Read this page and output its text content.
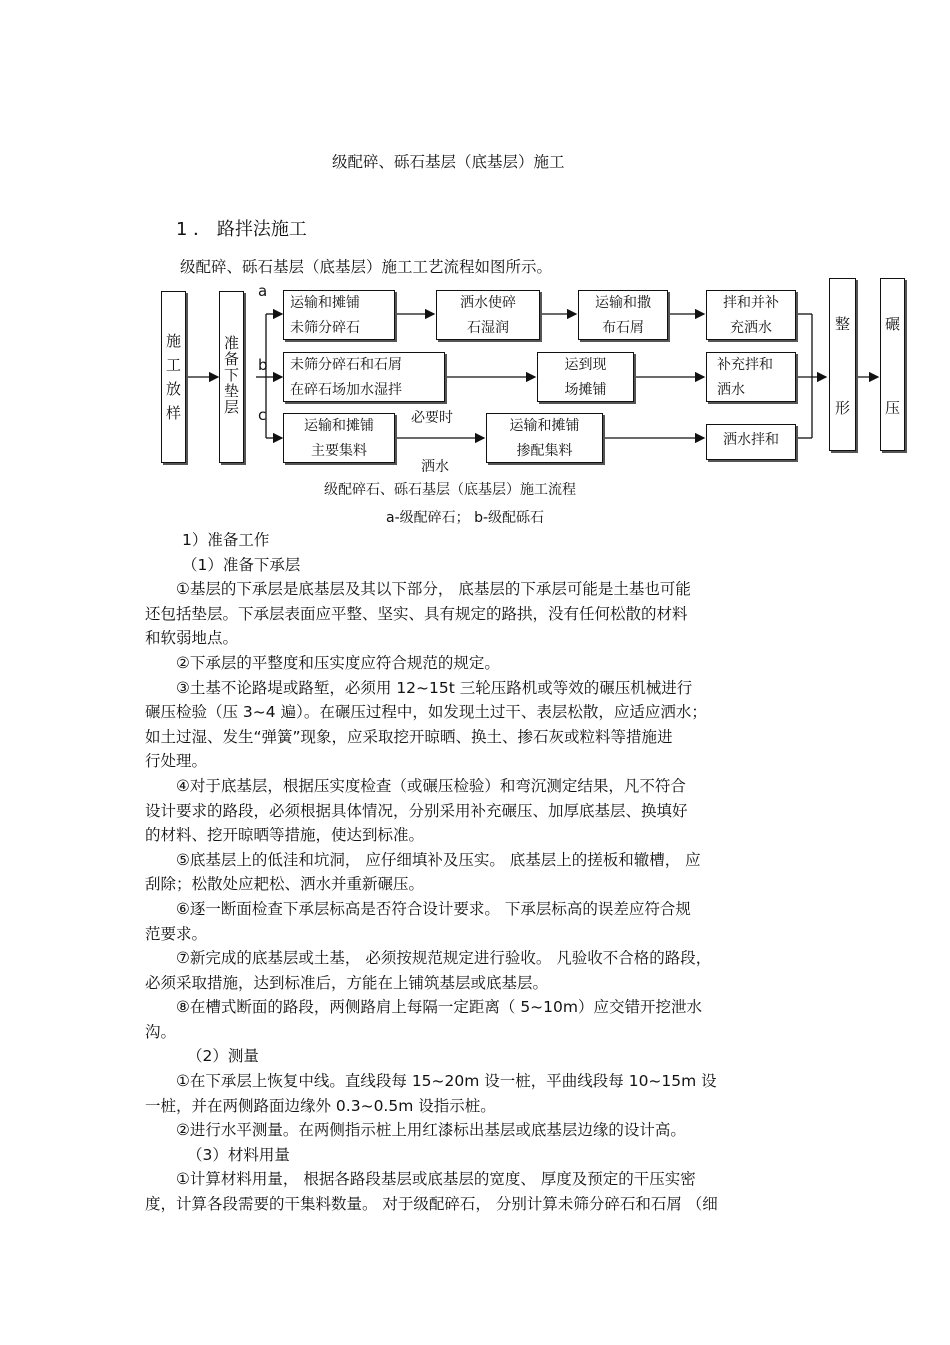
级配碎、砾石基层（底基层）施工
1 ． 路拌法施工
级配碎、砾石基层（底基层）施工工艺流程如图所示。
施
工
放
样
准
备
下
垫
层
a
b
c
运输和摊铺
未筛分碎石
洒水使碎
石湿润
运输和撒
布石屑
拌和并补
充洒水
未筛分碎石和石屑
在碎石场加水湿拌
运到现
场摊铺
补充拌和
洒水
运输和摊铺
主要集料
必要时
洒水
运输和摊铺
掺配集料
洒水拌和
整
形
碾
压
级配碎石、砾石基层（底基层）施工流程
a-级配碎石； b-级配砾石

1）准备工作

（1）准备下承层

①基层的下承层是底基层及其以下部分， 底基层的下承层可能是土基也可能

还包括垫层。下承层表面应平整、坚实、具有规定的路拱，没有任何松散的材料

和软弱地点。

②下承层的平整度和压实度应符合规范的规定。

③土基不论路堤或路堑，必须用 12~15t 三轮压路机或等效的碾压机械进行

碾压检验（压 3~4 遍）。在碾压过程中，如发现土过干、表层松散，应适应洒水；

如土过湿、发生“弹簧”现象，应采取挖开晾晒、换土、掺石灰或粒料等措施进

行处理。

④对于底基层，根据压实度检查（或碾压检验）和弯沉测定结果，凡不符合

设计要求的路段，必须根据具体情况，分别采用补充碾压、加厚底基层、换填好

的材料、挖开晾晒等措施，使达到标准。

⑤底基层上的低洼和坑洞， 应仔细填补及压实。 底基层上的搓板和辙槽， 应

刮除；松散处应耙松、洒水并重新碾压。

⑥逐一断面检查下承层标高是否符合设计要求。 下承层标高的误差应符合规

范要求。

⑦新完成的底基层或土基， 必须按规范规定进行验收。 凡验收不合格的路段，

必须采取措施，达到标准后，方能在上铺筑基层或底基层。

⑧在槽式断面的路段，两侧路肩上每隔一定距离（ 5~10m）应交错开挖泄水

沟。

（2）测量

①在下承层上恢复中线。直线段每 15~20m 设一桩，平曲线段每 10~15m 设

一桩，并在两侧路面边缘外 0.3~0.5m 设指示桩。

②进行水平测量。在两侧指示桩上用红漆标出基层或底基层边缘的设计高。

（3）材料用量

①计算材料用量， 根据各路段基层或底基层的宽度、 厚度及预定的干压实密

度，计算各段需要的干集料数量。 对于级配碎石， 分别计算未筛分碎石和石屑 （细
